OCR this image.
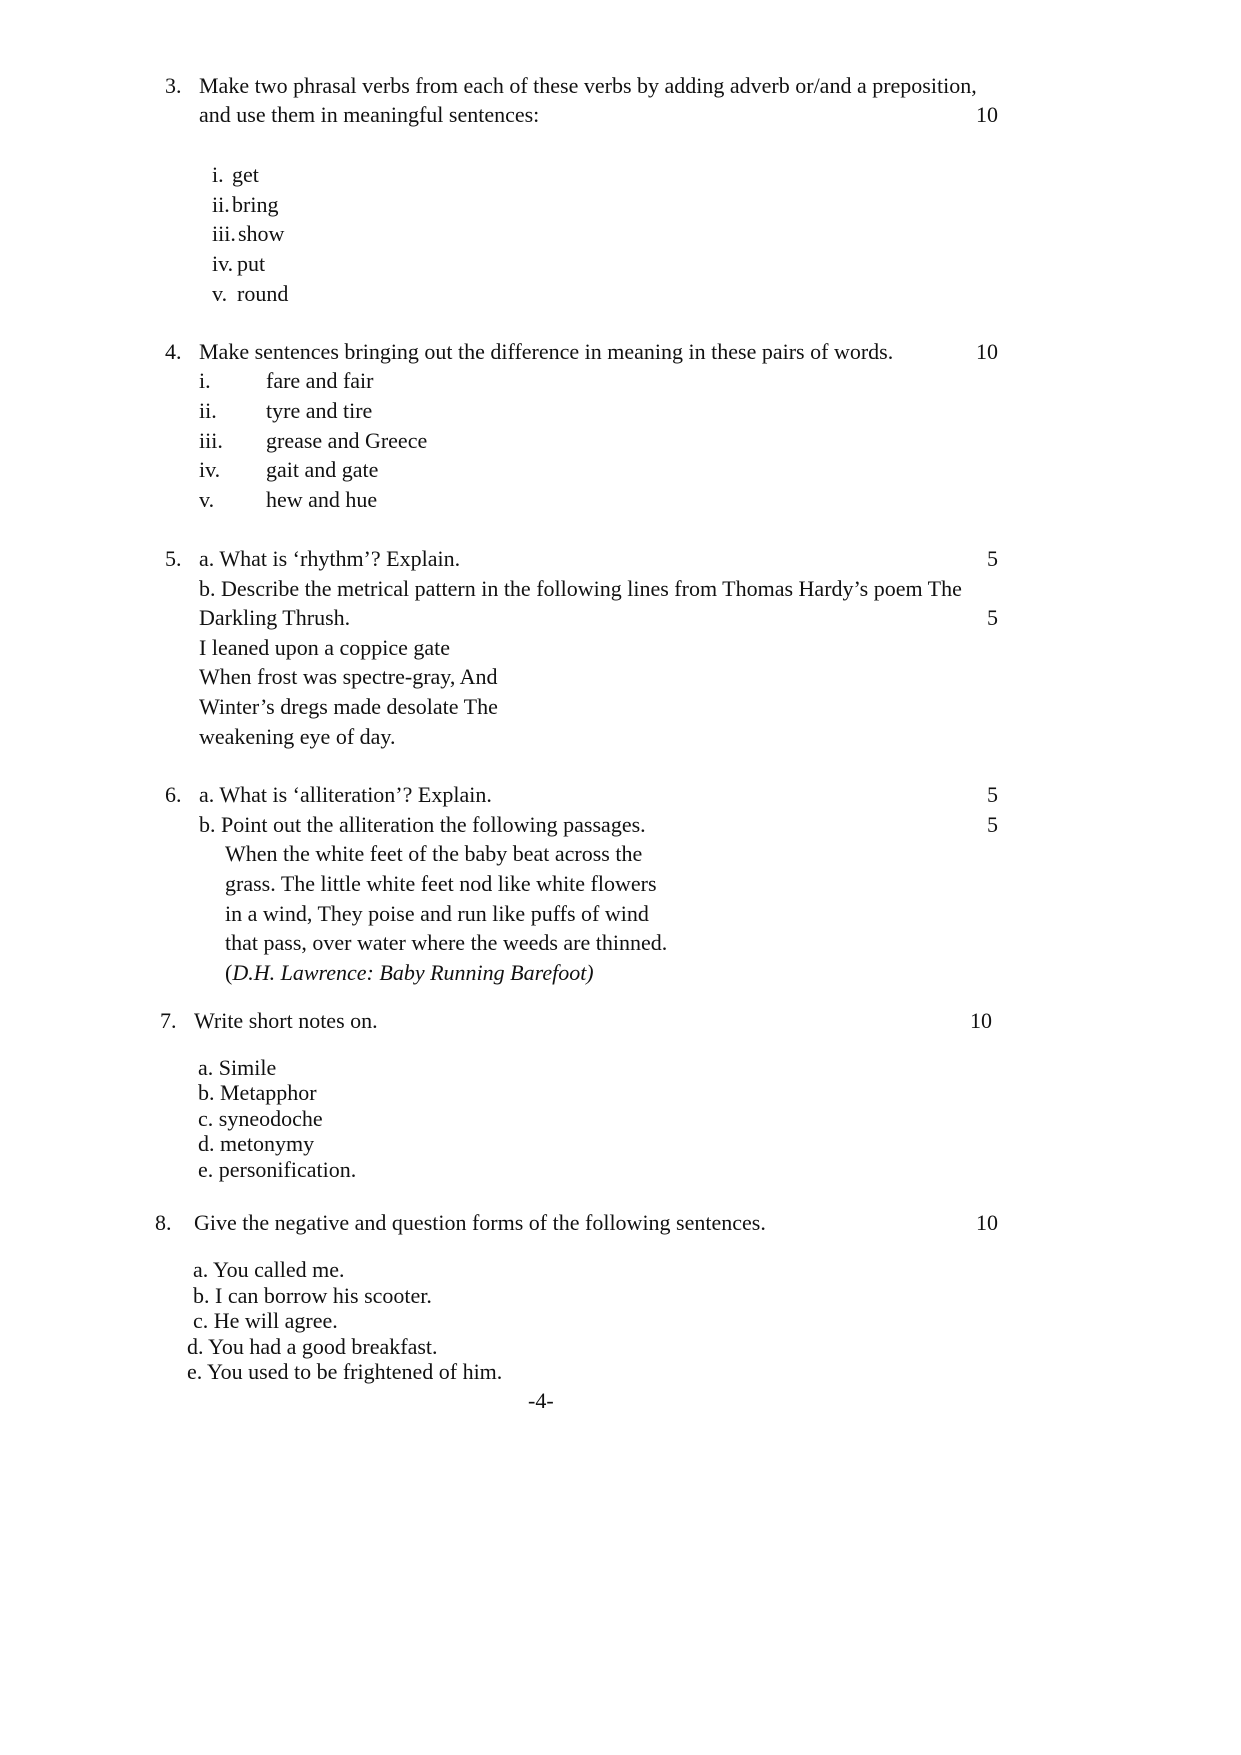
3. Make two phrasal verbs from each of these verbs by adding adverb or/and a preposition,
and use them in meaningful sentences:	10
i. get
ii. bring
iii. show
iv. put
v. round
4. Make sentences bringing out the difference in meaning in these pairs of words.	10
i.	fare and fair
ii. tyre and tire
iii. grease and Greece
iv. gait and gate
v. hew and hue
5. a. What is ‘rhythm’? Explain.	5
b. Describe the metrical pattern in the following lines from Thomas Hardy’s poem The
Darkling Thrush.	5
I leaned upon a coppice gate
When frost was spectre-gray, And
Winter’s dregs made desolate The
weakening eye of day.
6. a. What is ‘alliteration’? Explain.	5
b. Point out the alliteration the following passages.	5
When the white feet of the baby beat across the
grass. The little white feet nod like white flowers
in a wind, They poise and run like puffs of wind
that pass, over water where the weeds are thinned.
(D.H. Lawrence: Baby Running Barefoot)
7. Write short notes on.	10
a. Simile
b. Metapphor
c. syneodoche
d. metonymy
e. personification.
8. Give the negative and question forms of the following sentences.	10
a. You called me.
b. I can borrow his scooter.
c. He will agree.
d. You had a good breakfast.
e. You used to be frightened of him.
-4-
